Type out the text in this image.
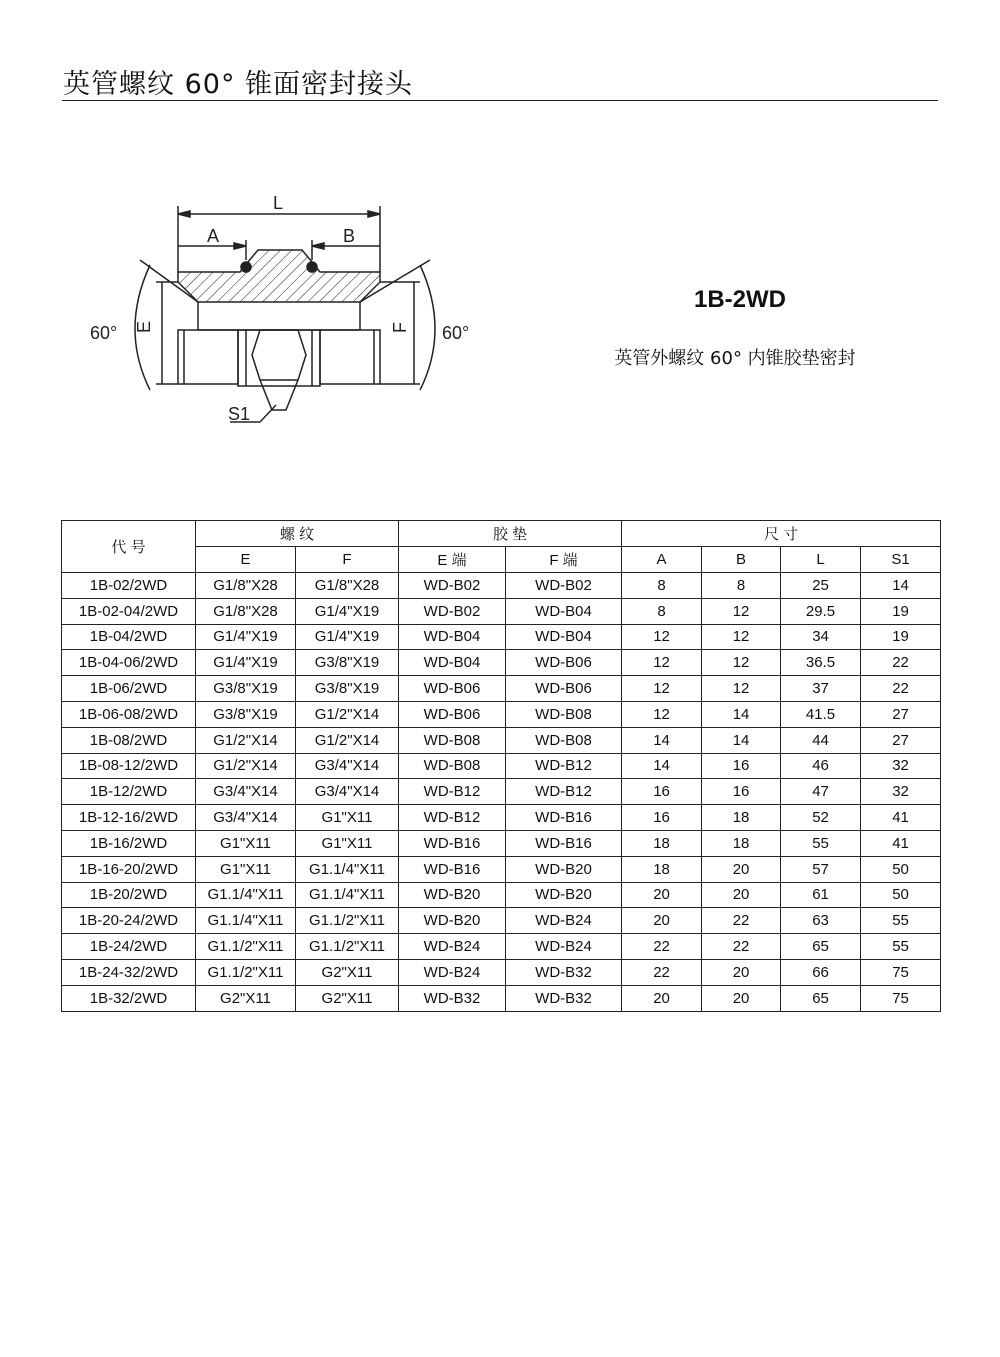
英管螺纹 60° 锥面密封接头
L
A	B
60°	60°
E	F
S1
1B-2WD
英管外螺纹 60° 内锥胶垫密封
代 号	螺 纹		胶 垫		尺 寸			
	E	F	E 端	F 端	A	B	L	S1
1B-02/2WD	G1/8"X28	G1/8"X28	WD-B02	WD-B02	8	8	25	14
1B-02-04/2WD	G1/8"X28	G1/4"X19	WD-B02	WD-B04	8	12	29.5	19
1B-04/2WD	G1/4"X19	G1/4"X19	WD-B04	WD-B04	12	12	34	19
1B-04-06/2WD	G1/4"X19	G3/8"X19	WD-B04	WD-B06	12	12	36.5	22
1B-06/2WD	G3/8"X19	G3/8"X19	WD-B06	WD-B06	12	12	37	22
1B-06-08/2WD	G3/8"X19	G1/2"X14	WD-B06	WD-B08	12	14	41.5	27
1B-08/2WD	G1/2"X14	G1/2"X14	WD-B08	WD-B08	14	14	44	27
1B-08-12/2WD	G1/2"X14	G3/4"X14	WD-B08	WD-B12	14	16	46	32
1B-12/2WD	G3/4"X14	G3/4"X14	WD-B12	WD-B12	16	16	47	32
1B-12-16/2WD	G3/4"X14	G1"X11	WD-B12	WD-B16	16	18	52	41
1B-16/2WD	G1"X11	G1"X11	WD-B16	WD-B16	18	18	55	41
1B-16-20/2WD	G1"X11	G1.1/4"X11	WD-B16	WD-B20	18	20	57	50
1B-20/2WD	G1.1/4"X11	G1.1/4"X11	WD-B20	WD-B20	20	20	61	50
1B-20-24/2WD	G1.1/4"X11	G1.1/2"X11	WD-B20	WD-B24	20	22	63	55
1B-24/2WD	G1.1/2"X11	G1.1/2"X11	WD-B24	WD-B24	22	22	65	55
1B-24-32/2WD	G1.1/2"X11	G2"X11	WD-B24	WD-B32	22	20	66	75
1B-32/2WD	G2"X11	G2"X11	WD-B32	WD-B32	20	20	65	75
